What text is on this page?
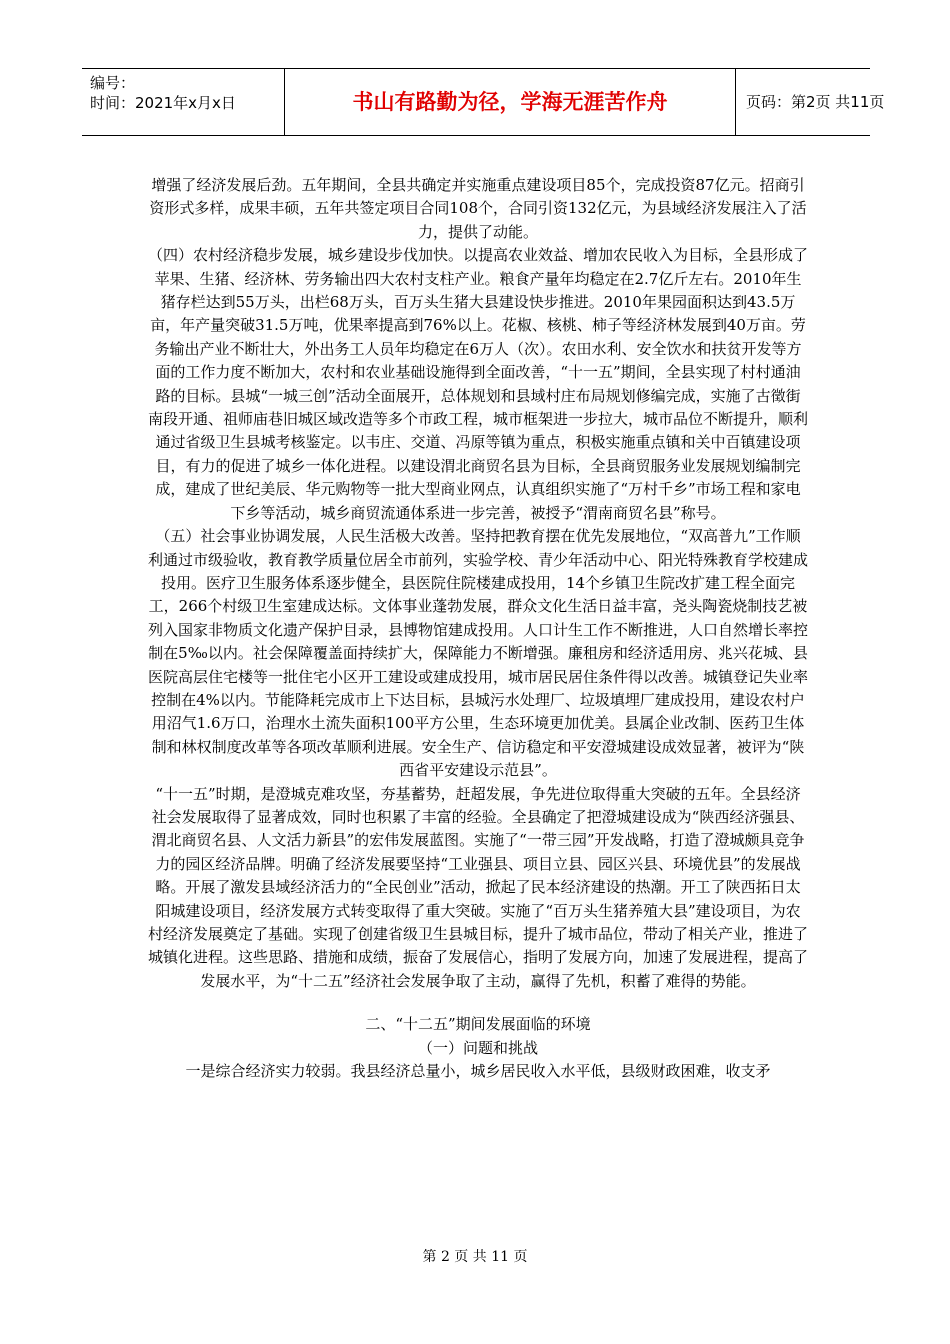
编号：
时间：2021年x月x日	书山有路勤为径，学海无涯苦作舟	页码：第2页 共11页

增强了经济发展后劲。五年期间，全县共确定并实施重点建设项目85个，完成投资87亿元。招商引资形式多样，成果丰硕，五年共签定项目合同108个，合同引资132亿元，为县域经济发展注入了活力，提供了动能。

（四）农村经济稳步发展，城乡建设步伐加快。以提高农业效益、增加农民收入为目标，全县形成了苹果、生猪、经济林、劳务输出四大农村支柱产业。粮食产量年均稳定在2.7亿斤左右。2010年生猪存栏达到55万头，出栏68万头，百万头生猪大县建设快步推进。2010年果园面积达到43.5万亩，年产量突破31.5万吨，优果率提高到76%以上。花椒、核桃、柿子等经济林发展到40万亩。劳务输出产业不断壮大，外出务工人员年均稳定在6万人（次）。农田水利、安全饮水和扶贫开发等方面的工作力度不断加大，农村和农业基础设施得到全面改善，“十一五”期间，全县实现了村村通油路的目标。县城“一城三创”活动全面展开，总体规划和县域村庄布局规划修编完成，实施了古徵街南段开通、祖师庙巷旧城区域改造等多个市政工程，城市框架进一步拉大，城市品位不断提升，顺利通过省级卫生县城考核鉴定。以韦庄、交道、冯原等镇为重点，积极实施重点镇和关中百镇建设项目，有力的促进了城乡一体化进程。以建设渭北商贸名县为目标，全县商贸服务业发展规划编制完成，建成了世纪美辰、华元购物等一批大型商业网点，认真组织实施了“万村千乡”市场工程和家电下乡等活动，城乡商贸流通体系进一步完善，被授予“渭南商贸名县”称号。

（五）社会事业协调发展，人民生活极大改善。坚持把教育摆在优先发展地位，“双高普九”工作顺利通过市级验收，教育教学质量位居全市前列，实验学校、青少年活动中心、阳光特殊教育学校建成投用。医疗卫生服务体系逐步健全，县医院住院楼建成投用，14个乡镇卫生院改扩建工程全面完工，266个村级卫生室建成达标。文体事业蓬勃发展，群众文化生活日益丰富，尧头陶瓷烧制技艺被列入国家非物质文化遗产保护目录，县博物馆建成投用。人口计生工作不断推进，人口自然增长率控制在5‰以内。社会保障覆盖面持续扩大，保障能力不断增强。廉租房和经济适用房、兆兴花城、县医院高层住宅楼等一批住宅小区开工建设或建成投用，城市居民居住条件得以改善。城镇登记失业率控制在4%以内。节能降耗完成市上下达目标，县城污水处理厂、垃圾填埋厂建成投用，建设农村户用沼气1.6万口，治理水土流失面积100平方公里，生态环境更加优美。县属企业改制、医药卫生体制和林权制度改革等各项改革顺利进展。安全生产、信访稳定和平安澄城建设成效显著，被评为“陕西省平安建设示范县”。

“十一五”时期，是澄城克难攻坚，夯基蓄势，赶超发展，争先进位取得重大突破的五年。全县经济社会发展取得了显著成效，同时也积累了丰富的经验。全县确定了把澄城建设成为“陕西经济强县、渭北商贸名县、人文活力新县”的宏伟发展蓝图。实施了“一带三园”开发战略，打造了澄城颇具竞争力的园区经济品牌。明确了经济发展要坚持“工业强县、项目立县、园区兴县、环境优县”的发展战略。开展了激发县域经济活力的“全民创业”活动，掀起了民本经济建设的热潮。开工了陕西拓日太阳城建设项目，经济发展方式转变取得了重大突破。实施了“百万头生猪养殖大县”建设项目，为农村经济发展奠定了基础。实现了创建省级卫生县城目标，提升了城市品位，带动了相关产业，推进了城镇化进程。这些思路、措施和成绩，振奋了发展信心，指明了发展方向，加速了发展进程，提高了发展水平，为“十二五”经济社会发展争取了主动，赢得了先机，积蓄了难得的势能。

二、“十二五”期间发展面临的环境

（一）问题和挑战

一是综合经济实力较弱。我县经济总量小，城乡居民收入水平低，县级财政困难，收支矛

第 2 页 共 11 页
